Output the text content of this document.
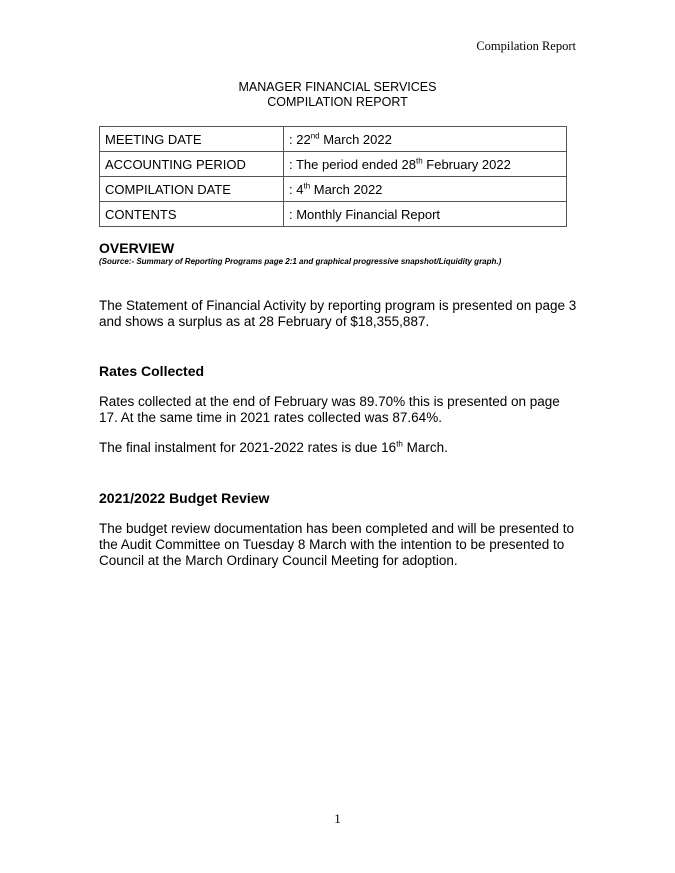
Compilation Report
MANAGER FINANCIAL SERVICES
COMPILATION REPORT
MEETING DATE	: 22nd March 2022
ACCOUNTING PERIOD	: The period ended 28th February 2022
COMPILATION DATE	: 4th March 2022
CONTENTS	: Monthly Financial Report
OVERVIEW
(Source:- Summary of Reporting Programs page 2:1 and graphical progressive snapshot/Liquidity graph.)
The Statement of Financial Activity by reporting program is presented on page 3 and shows a surplus as at 28 February of $18,355,887.
Rates Collected
Rates collected at the end of February was 89.70% this is presented on page 17. At the same time in 2021 rates collected was 87.64%.
The final instalment for 2021-2022 rates is due 16th March.
2021/2022 Budget Review
The budget review documentation has been completed and will be presented to the Audit Committee on Tuesday 8 March with the intention to be presented to Council at the March Ordinary Council Meeting for adoption.
1
